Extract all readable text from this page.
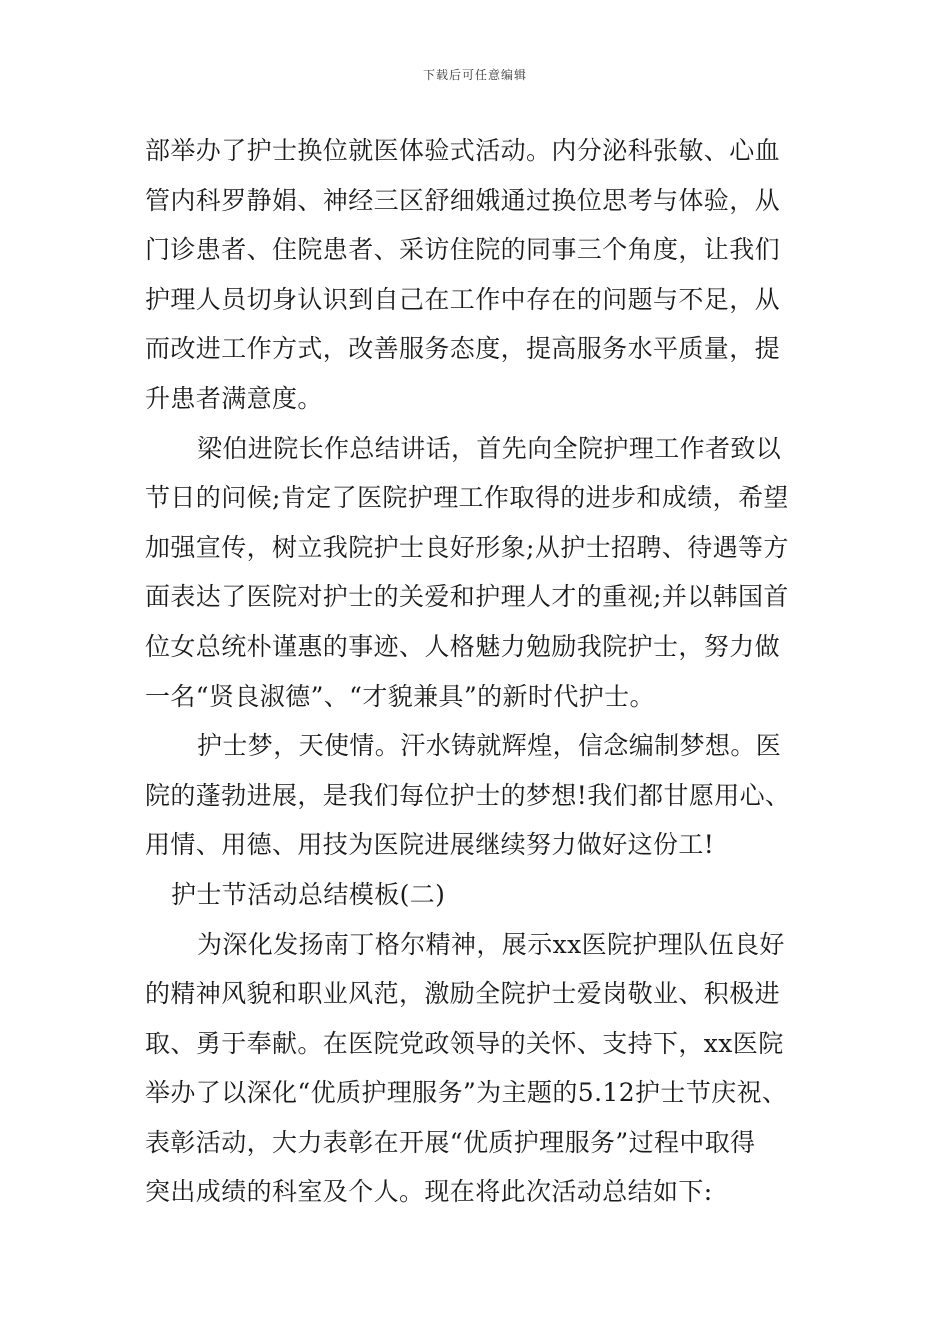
下载后可任意编辑
部举办了护士换位就医体验式活动。内分泌科张敏、心血
管内科罗静娟、神经三区舒细娥通过换位思考与体验，从
门诊患者、住院患者、采访住院的同事三个角度，让我们
护理人员切身认识到自己在工作中存在的问题与不足，从
而改进工作方式，改善服务态度，提高服务水平质量，提
升患者满意度。
梁伯进院长作总结讲话，首先向全院护理工作者致以
节日的问候;肯定了医院护理工作取得的进步和成绩，希望
加强宣传，树立我院护士良好形象;从护士招聘、待遇等方
面表达了医院对护士的关爱和护理人才的重视;并以韩国首
位女总统朴谨惠的事迹、人格魅力勉励我院护士，努力做
一名“贤良淑德”、“才貌兼具”的新时代护士。
护士梦，天使情。汗水铸就辉煌，信念编制梦想。医
院的蓬勃进展，是我们每位护士的梦想!我们都甘愿用心、
用情、用德、用技为医院进展继续努力做好这份工!
护士节活动总结模板(二)
为深化发扬南丁格尔精神，展示xx医院护理队伍良好
的精神风貌和职业风范，激励全院护士爱岗敬业、积极进
取、勇于奉献。在医院党政领导的关怀、支持下，xx医院
举办了以深化“优质护理服务”为主题的5.12护士节庆祝、
表彰活动，大力表彰在开展“优质护理服务”过程中取得
突出成绩的科室及个人。现在将此次活动总结如下:
